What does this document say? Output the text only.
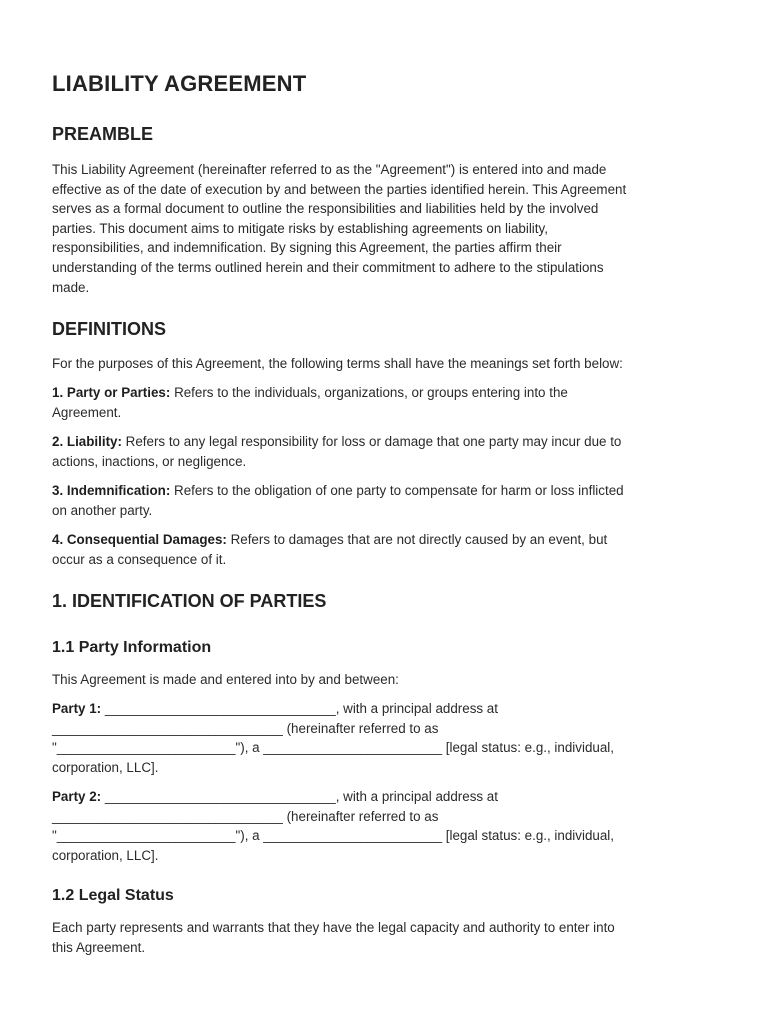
LIABILITY AGREEMENT
PREAMBLE
This Liability Agreement (hereinafter referred to as the "Agreement") is entered into and made
effective as of the date of execution by and between the parties identified herein. This Agreement
serves as a formal document to outline the responsibilities and liabilities held by the involved
parties. This document aims to mitigate risks by establishing agreements on liability,
responsibilities, and indemnification. By signing this Agreement, the parties affirm their
understanding of the terms outlined herein and their commitment to adhere to the stipulations
made.
DEFINITIONS

For the purposes of this Agreement, the following terms shall have the meanings set forth below:

1. Party or Parties: Refers to the individuals, organizations, or groups entering into the
Agreement.
2. Liability: Refers to any legal responsibility for loss or damage that one party may incur due to
actions, inactions, or negligence.
3. Indemnification: Refers to the obligation of one party to compensate for harm or loss inflicted
on another party.
4. Consequential Damages: Refers to damages that are not directly caused by an event, but
occur as a consequence of it.
1. IDENTIFICATION OF PARTIES
1.1 Party Information

This Agreement is made and entered into by and between:

Party 1: _______________________________, with a principal address at
_______________________________ (hereinafter referred to as
"________________________"), a ________________________ [legal status: e.g., individual,
corporation, LLC].
Party 2: _______________________________, with a principal address at
_______________________________ (hereinafter referred to as
"________________________"), a ________________________ [legal status: e.g., individual,
corporation, LLC].
1.2 Legal Status
Each party represents and warrants that they have the legal capacity and authority to enter into
this Agreement.
